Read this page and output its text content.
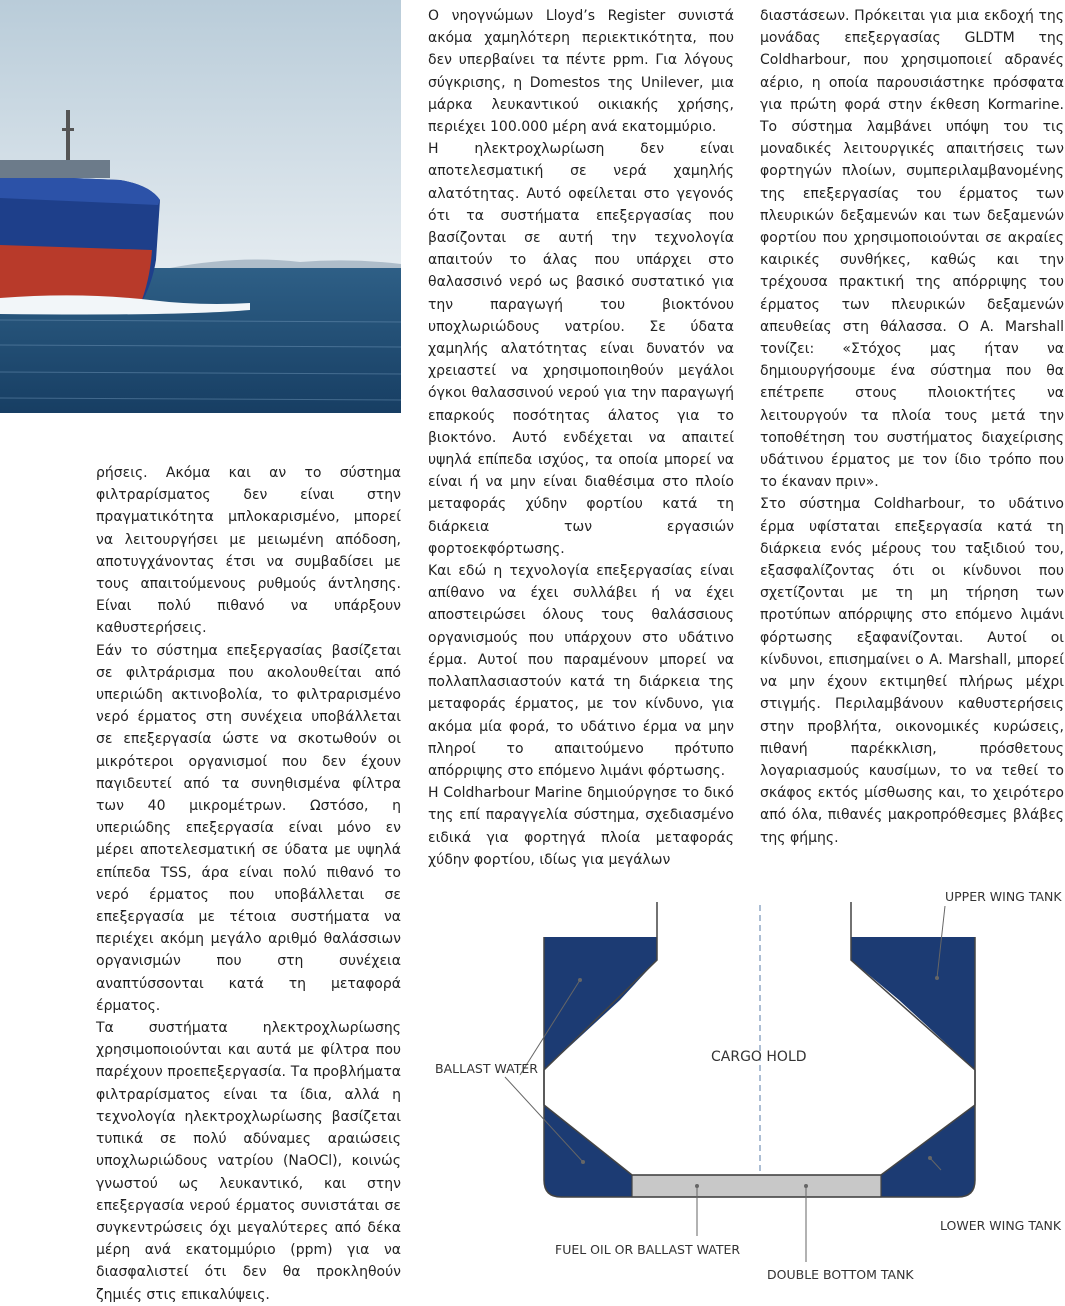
ρήσεις. Ακόμα και αν το σύστημα φιλτραρίσματος δεν είναι στην πραγματικότητα μπλοκαρισμένο, μπορεί να λειτουργήσει με μειωμένη απόδοση, αποτυγχάνοντας έτσι να συμβαδίσει με τους απαιτούμενους ρυθμούς άντλησης. Είναι πολύ πιθανό να υπάρξουν καθυστερήσεις.

Εάν το σύστημα επεξεργασίας βασίζεται σε φιλτράρισμα που ακολουθείται από υπεριώδη ακτινοβολία, το φιλτραρισμένο νερό έρματος στη συνέχεια υποβάλλεται σε επεξεργασία ώστε να σκοτωθούν οι μικρότεροι οργανισμοί που δεν έχουν παγιδευτεί από τα συνηθισμένα φίλτρα των 40 μικρομέτρων. Ωστόσο, η υπεριώδης επεξεργασία είναι μόνο εν μέρει αποτελεσματική σε ύδατα με υψηλά επίπεδα TSS, άρα είναι πολύ πιθανό το νερό έρματος που υποβάλλεται σε επεξεργασία με τέτοια συστήματα να περιέχει ακόμη μεγάλο αριθμό θαλάσσιων οργανισμών που στη συνέχεια αναπτύσσονται κατά τη μεταφορά έρματος.

Τα συστήματα ηλεκτροχλωρίωσης χρησιμοποιούνται και αυτά με φίλτρα που παρέχουν προεπεξεργασία. Τα προβλήματα φιλτραρίσματος είναι τα ίδια, αλλά η τεχνολογία ηλεκτροχλωρίωσης βασίζεται τυπικά σε πολύ αδύναμες αραιώσεις υποχλωριώδους νατρίου (NaOCl), κοινώς γνωστού ως λευκαντικό, και στην επεξεργασία νερού έρματος συνιστάται σε συγκεντρώσεις όχι μεγαλύτερες από δέκα μέρη ανά εκατομμύριο (ppm) για να διασφαλιστεί ότι δεν θα προκληθούν ζημιές στις επικαλύψεις.

Ο νηογνώμων Lloyd’s Register συνιστά ακόμα χαμηλότερη περιεκτικότητα, που δεν υπερβαίνει τα πέντε ppm. Για λόγους σύγκρισης, η Domestos της Unilever, μια μάρκα λευκαντικού οικιακής χρήσης, περιέχει 100.000 μέρη ανά εκατομμύριο.

Η ηλεκτροχλωρίωση δεν είναι αποτελεσματική σε νερά χαμηλής αλατότητας. Αυτό οφείλεται στο γεγονός ότι τα συστήματα επεξεργασίας που βασίζονται σε αυτή την τεχνολογία απαιτούν το άλας που υπάρχει στο θαλασσινό νερό ως βασικό συστατικό για την παραγωγή του βιοκτόνου υποχλωριώδους νατρίου. Σε ύδατα χαμηλής αλατότητας είναι δυνατόν να χρειαστεί να χρησιμοποιηθούν μεγάλοι όγκοι θαλασσινού νερού για την παραγωγή επαρκούς ποσότητας άλατος για το βιοκτόνο. Αυτό ενδέχεται να απαιτεί υψηλά επίπεδα ισχύος, τα οποία μπορεί να είναι ή να μην είναι διαθέσιμα στο πλοίο μεταφοράς χύδην φορτίου κατά τη διάρκεια των εργασιών φορτοεκφόρτωσης.

Και εδώ η τεχνολογία επεξεργασίας είναι απίθανο να έχει συλλάβει ή να έχει αποστειρώσει όλους τους θαλάσσιους οργανισμούς που υπάρχουν στο υδάτινο έρμα. Αυτοί που παραμένουν μπορεί να πολλαπλασιαστούν κατά τη διάρκεια της μεταφοράς έρματος, με τον κίνδυνο, για ακόμα μία φορά, το υδάτινο έρμα να μην πληροί το απαιτούμενο πρότυπο απόρριψης στο επόμενο λιμάνι φόρτωσης.

Η Coldharbour Marine δημιούργησε το δικό της επί παραγγελία σύστημα, σχεδιασμένο ειδικά για φορτηγά πλοία μεταφοράς χύδην φορτίου, ιδίως για μεγάλων

διαστάσεων. Πρόκειται για μια εκδοχή της μονάδας επεξεργασίας GLDTM της Coldharbour, που χρησιμοποιεί αδρανές αέριο, η οποία παρουσιάστηκε πρόσφατα για πρώτη φορά στην έκθεση Kormarine. Το σύστημα λαμβάνει υπόψη του τις μοναδικές λειτουργικές απαιτήσεις των φορτηγών πλοίων, συμπεριλαμβανομένης της επεξεργασίας του έρματος των πλευρικών δεξαμενών και των δεξαμενών φορτίου που χρησιμοποιούνται σε ακραίες καιρικές συνθήκες, καθώς και την τρέχουσα πρακτική της απόρριψης του έρματος των πλευρικών δεξαμενών απευθείας στη θάλασσα. Ο A. Marshall τονίζει: «Στόχος μας ήταν να δημιουργήσουμε ένα σύστημα που θα επέτρεπε στους πλοιοκτήτες να λειτουργούν τα πλοία τους μετά την τοποθέτηση του συστήματος διαχείρισης υδάτινου έρματος με τον ίδιο τρόπο που το έκαναν πριν».

Στο σύστημα Coldharbour, το υδάτινο έρμα υφίσταται επεξεργασία κατά τη διάρκεια ενός μέρους του ταξιδιού του, εξασφαλίζοντας ότι οι κίνδυνοι που σχετίζονται με τη μη τήρηση των προτύπων απόρριψης στο επόμενο λιμάνι φόρτωσης εξαφανίζονται. Αυτοί οι κίνδυνοι, επισημαίνει ο A. Marshall, μπορεί να μην έχουν εκτιμηθεί πλήρως μέχρι στιγμής. Περιλαμβάνουν καθυστερήσεις στην προβλήτα, οικονομικές κυρώσεις, πιθανή παρέκκλιση, πρόσθετους λογαριασμούς καυσίμων, το να τεθεί το σκάφος εκτός μίσθωσης και, το χειρότερο από όλα, πιθανές μακροπρόθεσμες βλάβες της φήμης.

UPPER WING TANK
BALLAST WATER
CARGO HOLD
LOWER WING TANK
FUEL OIL OR BALLAST WATER
DOUBLE BOTTOM TANK
